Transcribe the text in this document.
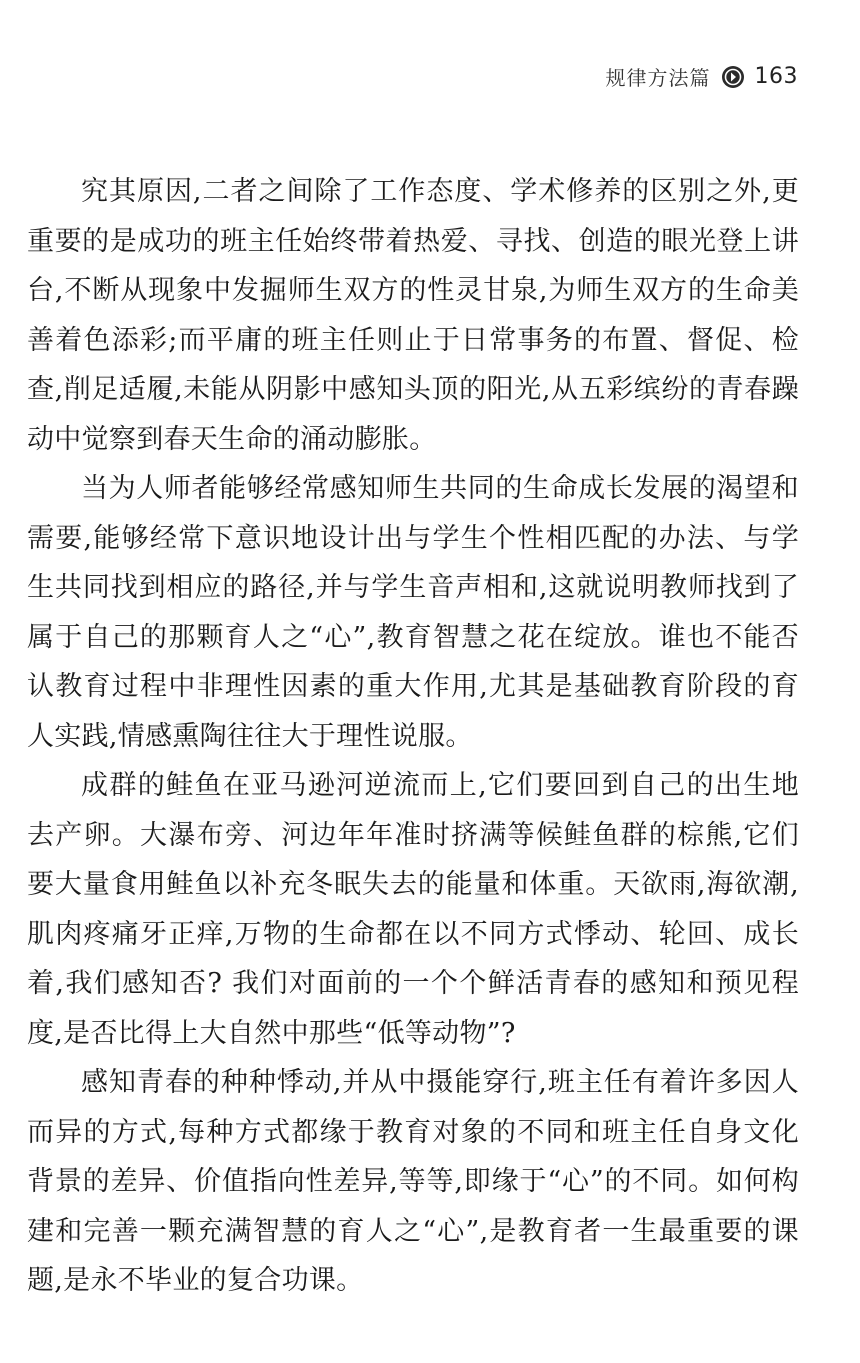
规律方法篇 163

究其原因,二者之间除了工作态度、学术修养的区别之外,更重要的是成功的班主任始终带着热爱、寻找、创造的眼光登上讲台,不断从现象中发掘师生双方的性灵甘泉,为师生双方的生命美善着色添彩;而平庸的班主任则止于日常事务的布置、督促、检查,削足适履,未能从阴影中感知头顶的阳光,从五彩缤纷的青春躁动中觉察到春天生命的涌动膨胀。

当为人师者能够经常感知师生共同的生命成长发展的渴望和需要,能够经常下意识地设计出与学生个性相匹配的办法、与学生共同找到相应的路径,并与学生音声相和,这就说明教师找到了属于自己的那颗育人之“心”,教育智慧之花在绽放。谁也不能否认教育过程中非理性因素的重大作用,尤其是基础教育阶段的育人实践,情感熏陶往往大于理性说服。

成群的鲑鱼在亚马逊河逆流而上,它们要回到自己的出生地去产卵。大瀑布旁、河边年年准时挤满等候鲑鱼群的棕熊,它们要大量食用鲑鱼以补充冬眠失去的能量和体重。天欲雨,海欲潮,肌肉疼痛牙正痒,万物的生命都在以不同方式悸动、轮回、成长着,我们感知否? 我们对面前的一个个鲜活青春的感知和预见程度,是否比得上大自然中那些“低等动物”?

感知青春的种种悸动,并从中摄能穿行,班主任有着许多因人而异的方式,每种方式都缘于教育对象的不同和班主任自身文化背景的差异、价值指向性差异,等等,即缘于“心”的不同。如何构建和完善一颗充满智慧的育人之“心”,是教育者一生最重要的课题,是永不毕业的复合功课。
